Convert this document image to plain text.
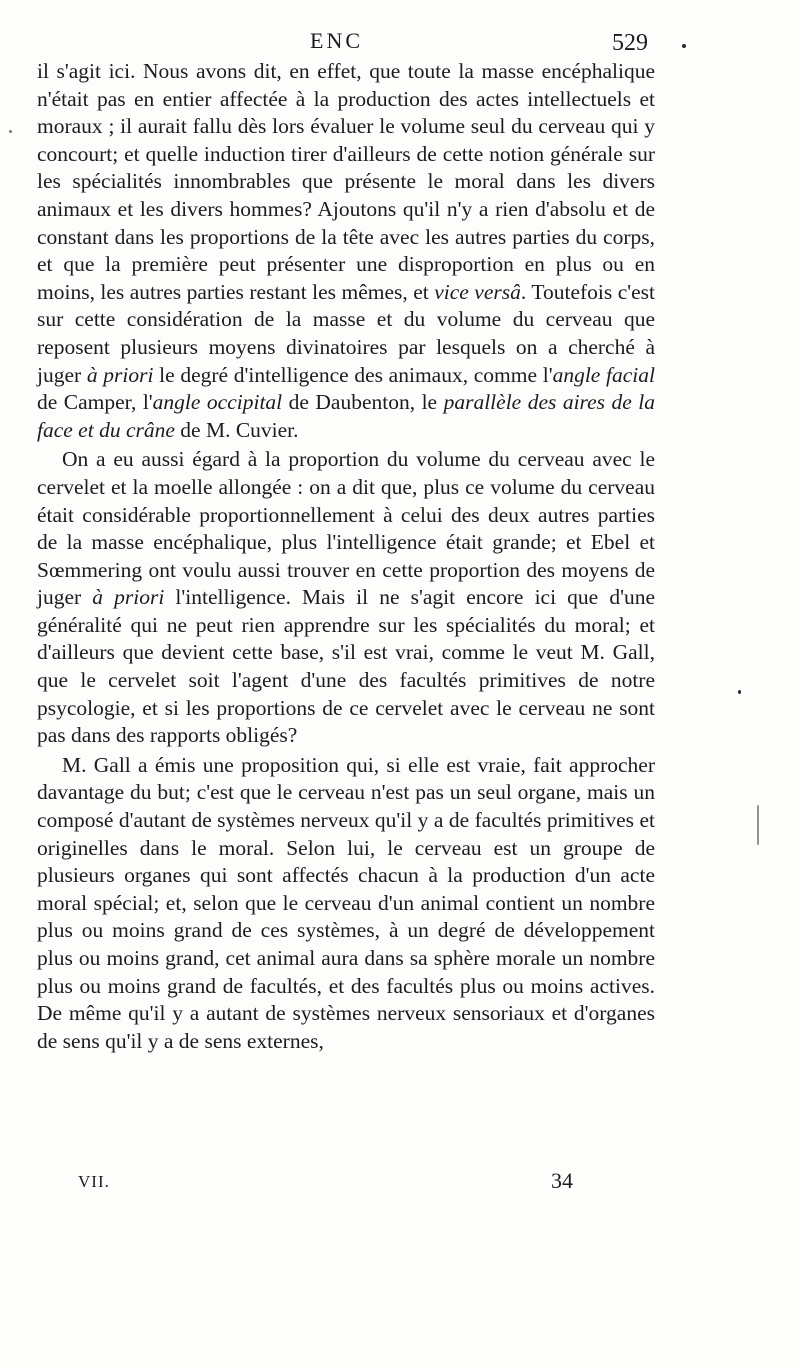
ENC	529

il s'agit ici. Nous avons dit, en effet, que toute la masse encéphalique n'était pas en entier affectée à la production des actes intellectuels et moraux ; il aurait fallu dès lors évaluer le volume seul du cerveau qui y concourt; et quelle induction tirer d'ailleurs de cette notion générale sur les spécialités innombrables que présente le moral dans les divers animaux et les divers hommes? Ajoutons qu'il n'y a rien d'absolu et de constant dans les proportions de la tête avec les autres parties du corps, et que la première peut présenter une disproportion en plus ou en moins, les autres parties restant les mêmes, et vice versâ. Toutefois c'est sur cette considération de la masse et du volume du cerveau que reposent plusieurs moyens divinatoires par lesquels on a cherché à juger à priori le degré d'intelligence des animaux, comme l'angle facial de Camper, l'angle occipital de Daubenton, le parallèle des aires de la face et du crâne de M. Cuvier.

On a eu aussi égard à la proportion du volume du cerveau avec le cervelet et la moelle allongée : on a dit que, plus ce volume du cerveau était considérable proportionnellement à celui des deux autres parties de la masse encéphalique, plus l'intelligence était grande; et Ebel et Sœmmering ont voulu aussi trouver en cette proportion des moyens de juger à priori l'intelligence. Mais il ne s'agit encore ici que d'une généralité qui ne peut rien apprendre sur les spécialités du moral; et d'ailleurs que devient cette base, s'il est vrai, comme le veut M. Gall, que le cervelet soit l'agent d'une des facultés primitives de notre psycologie, et si les proportions de ce cervelet avec le cerveau ne sont pas dans des rapports obligés?

M. Gall a émis une proposition qui, si elle est vraie, fait approcher davantage du but; c'est que le cerveau n'est pas un seul organe, mais un composé d'autant de systèmes nerveux qu'il y a de facultés primitives et originelles dans le moral. Selon lui, le cerveau est un groupe de plusieurs organes qui sont affectés chacun à la production d'un acte moral spécial; et, selon que le cerveau d'un animal contient un nombre plus ou moins grand de ces systèmes, à un degré de développement plus ou moins grand, cet animal aura dans sa sphère morale un nombre plus ou moins grand de facultés, et des facultés plus ou moins actives. De même qu'il y a autant de systèmes nerveux sensoriaux et d'organes de sens qu'il y a de sens externes,

VII.	34
